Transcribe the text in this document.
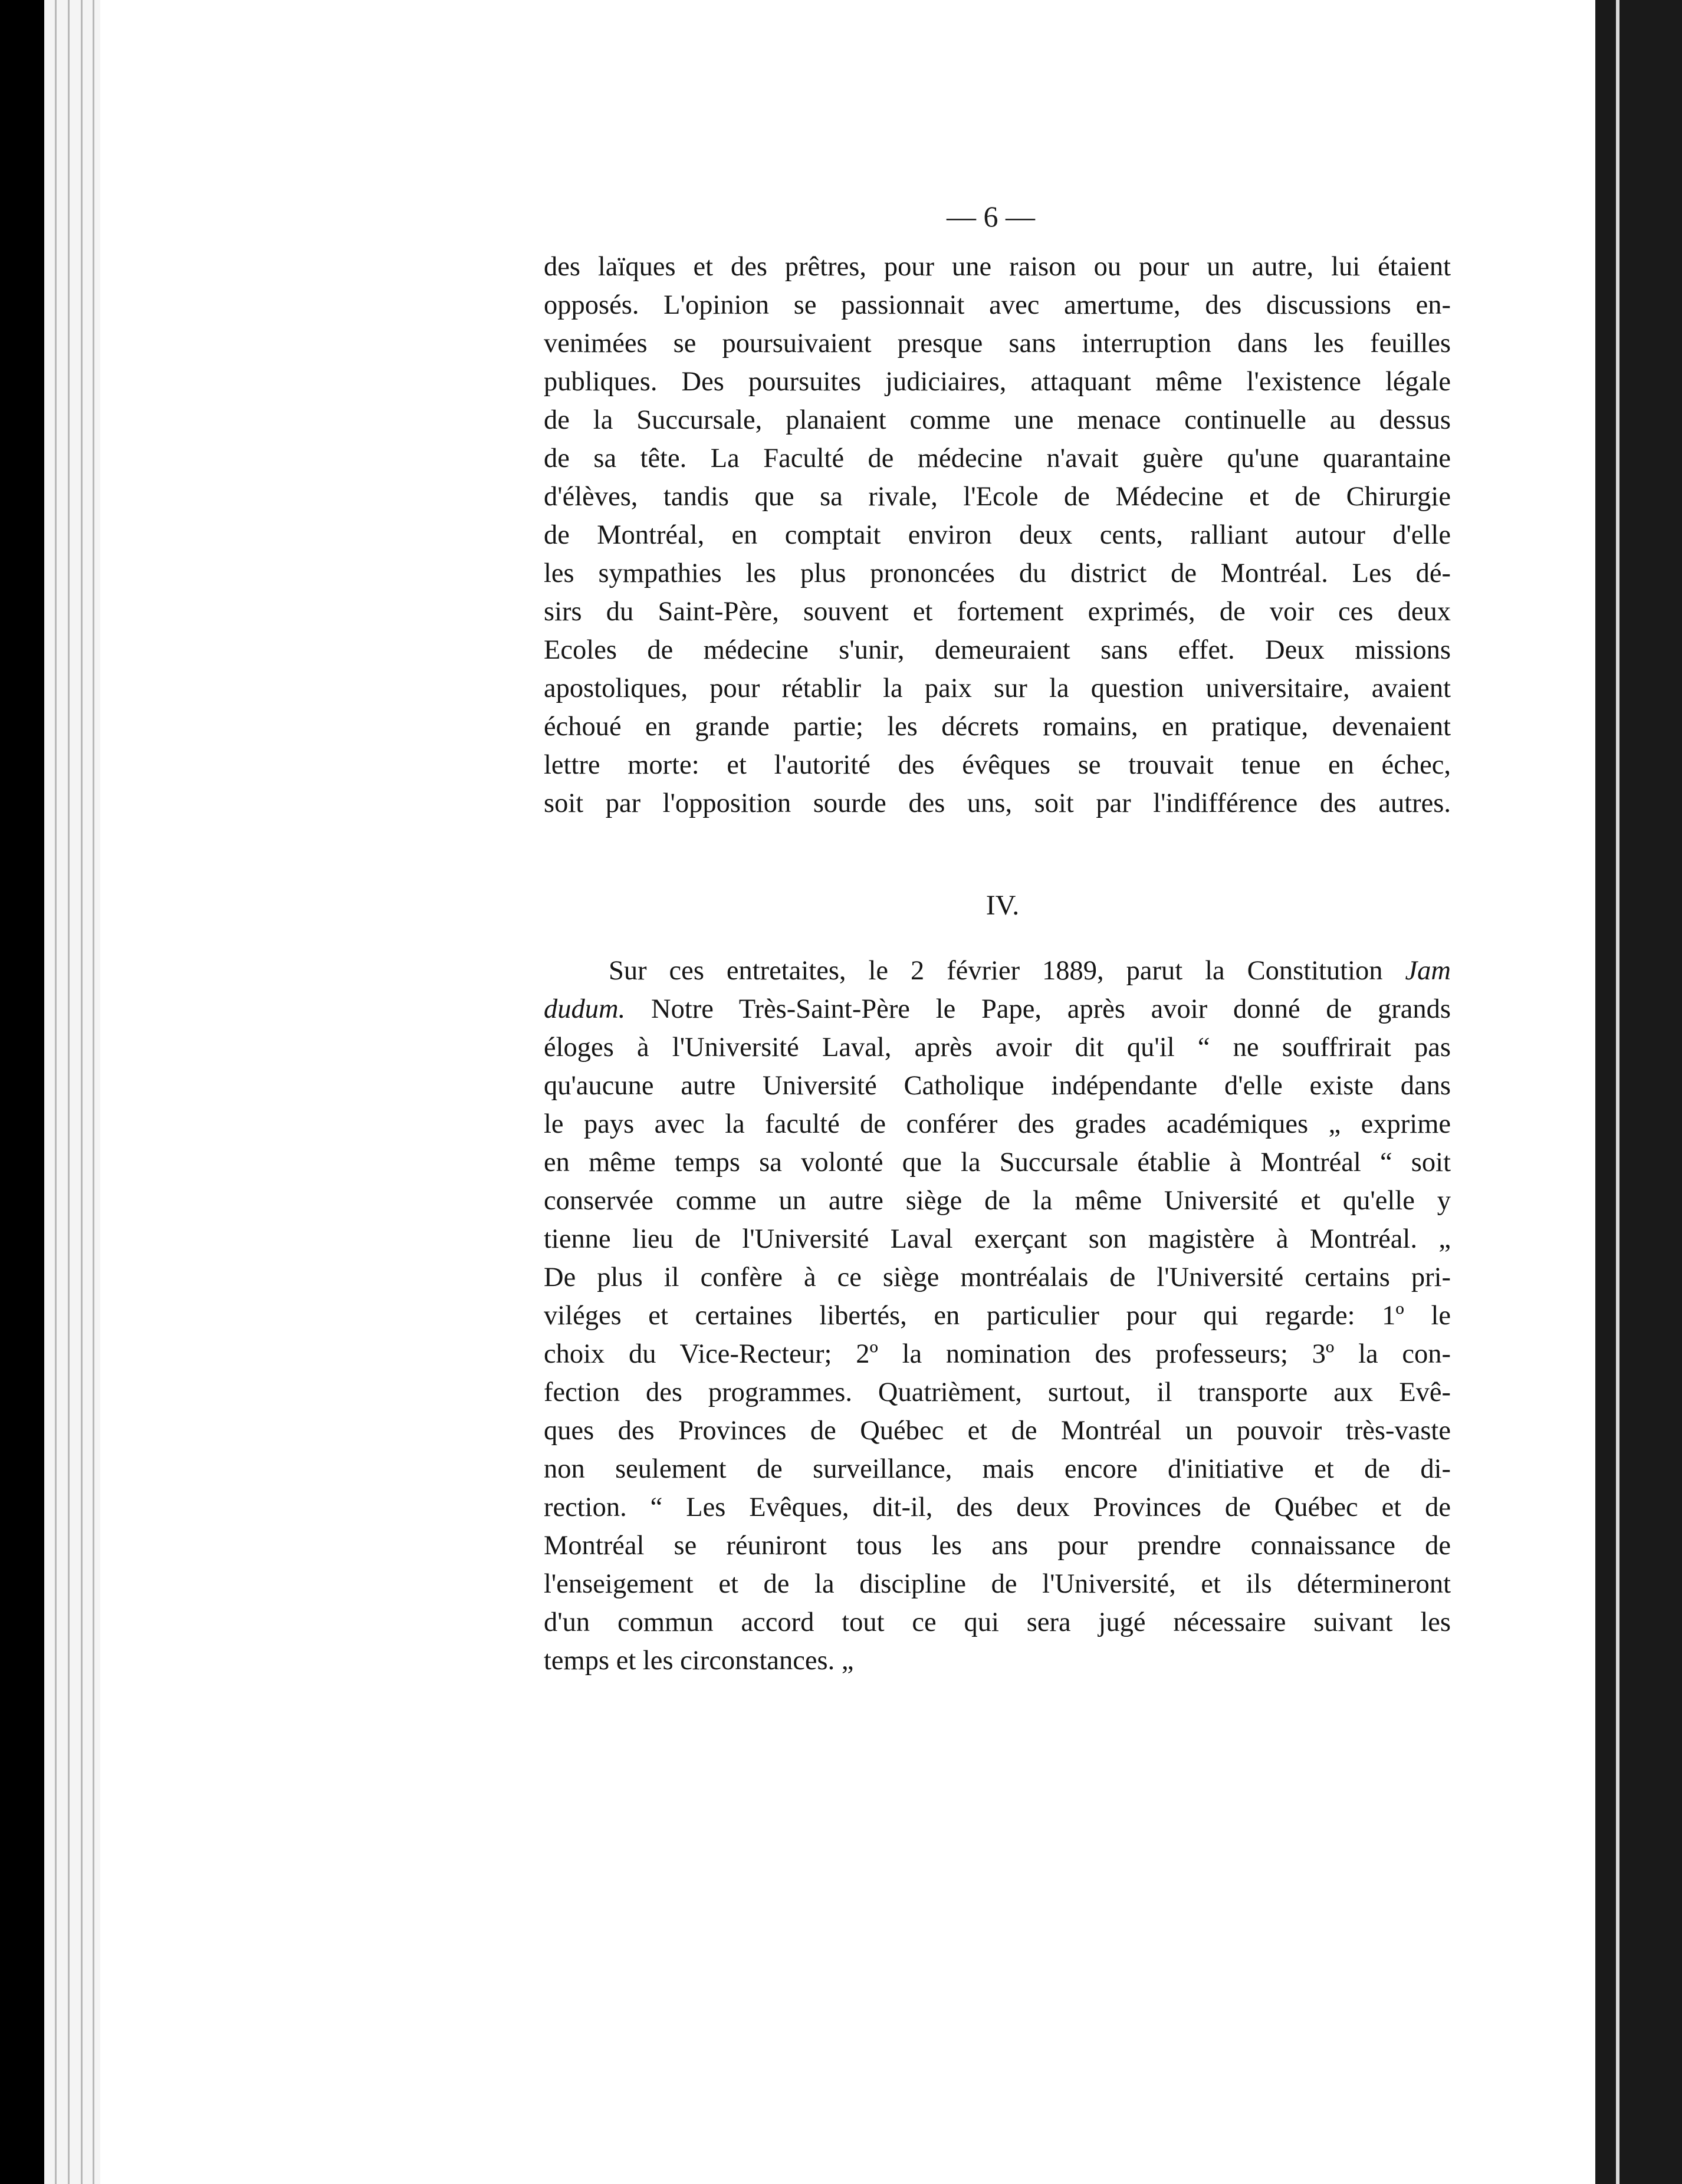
— 6 —
des laïques et des prêtres, pour une raison ou pour un autre, lui étaient
opposés. L'opinion se passionnait avec amertume, des discussions en-
venimées se poursuivaient presque sans interruption dans les feuilles
publiques. Des poursuites judiciaires, attaquant même l'existence légale
de la Succursale, planaient comme une menace continuelle au dessus
de sa tête. La Faculté de médecine n'avait guère qu'une quarantaine
d'élèves, tandis que sa rivale, l'Ecole de Médecine et de Chirurgie
de Montréal, en comptait environ deux cents, ralliant autour d'elle
les sympathies les plus prononcées du district de Montréal. Les dé-
sirs du Saint-Père, souvent et fortement exprimés, de voir ces deux
Ecoles de médecine s'unir, demeuraient sans effet. Deux missions
apostoliques, pour rétablir la paix sur la question universitaire, avaient
échoué en grande partie; les décrets romains, en pratique, devenaient
lettre morte: et l'autorité des évêques se trouvait tenue en échec,
soit par l'opposition sourde des uns, soit par l'indifférence des autres.
IV.
Sur ces entretaites, le 2 février 1889, parut la Constitution Jam
dudum. Notre Très-Saint-Père le Pape, après avoir donné de grands
éloges à l'Université Laval, après avoir dit qu'il “ ne souffrirait pas
qu'aucune autre Université Catholique indépendante d'elle existe dans
le pays avec la faculté de conférer des grades académiques „ exprime
en même temps sa volonté que la Succursale établie à Montréal “ soit
conservée comme un autre siège de la même Université et qu'elle y
tienne lieu de l'Université Laval exerçant son magistère à Montréal. „
De plus il confère à ce siège montréalais de l'Université certains pri-
viléges et certaines libertés, en particulier pour qui regarde: 1º le
choix du Vice-Recteur; 2º la nomination des professeurs; 3º la con-
fection des programmes. Quatrièment, surtout, il transporte aux Evê-
ques des Provinces de Québec et de Montréal un pouvoir très-vaste
non seulement de surveillance, mais encore d'initiative et de di-
rection. “ Les Evêques, dit-il, des deux Provinces de Québec et de
Montréal se réuniront tous les ans pour prendre connaissance de
l'enseigement et de la discipline de l'Université, et ils détermineront
d'un commun accord tout ce qui sera jugé nécessaire suivant les
temps et les circonstances. „
